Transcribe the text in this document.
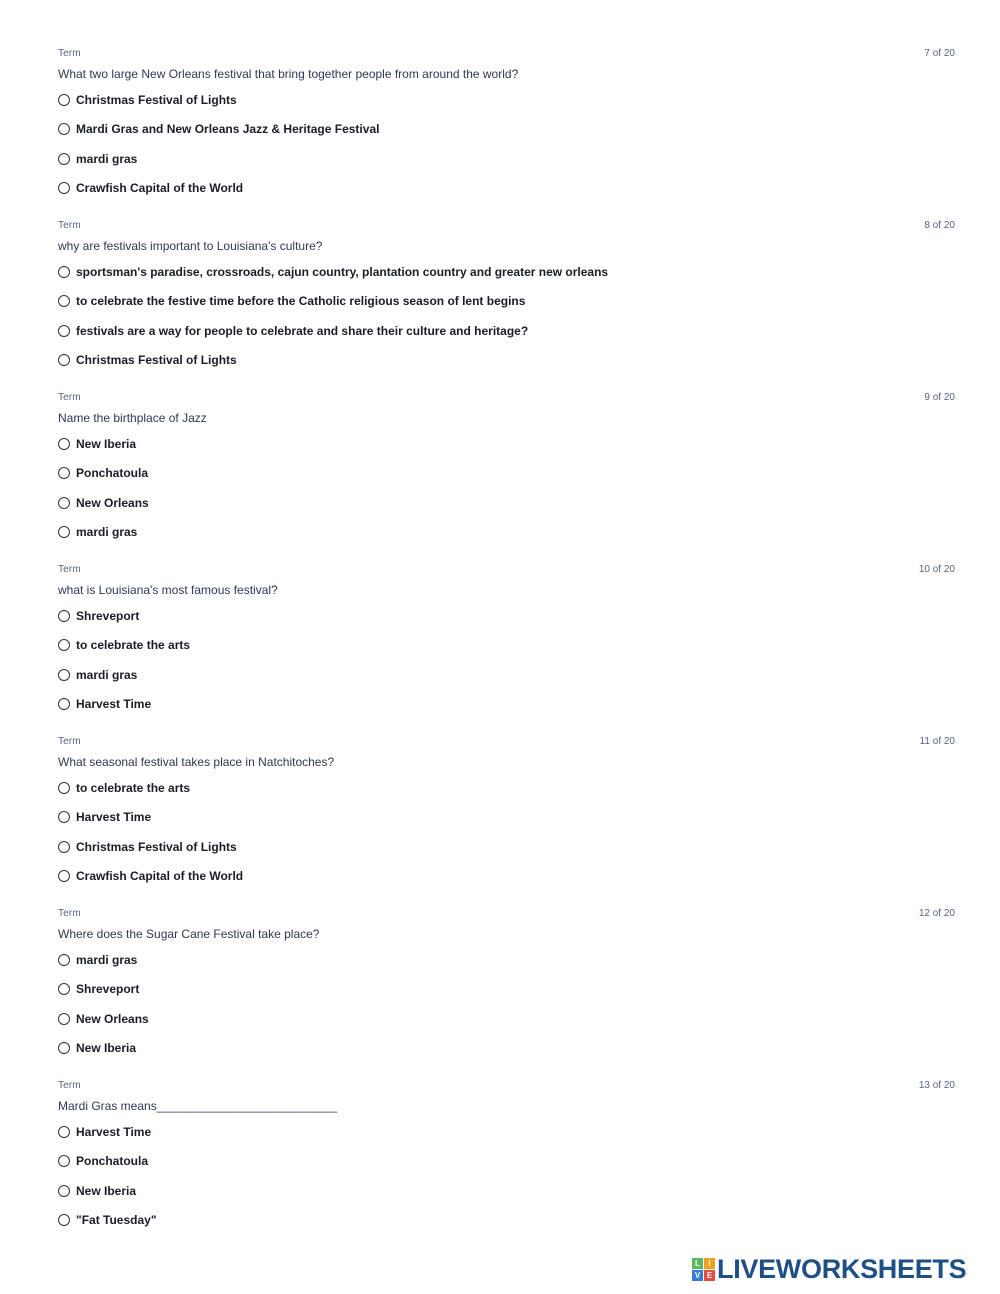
Term	7 of 20
What two large New Orleans festival that bring together people from around the world?
Christmas Festival of Lights
Mardi Gras and New Orleans Jazz & Heritage Festival
mardi gras
Crawfish Capital of the World
Term	8 of 20
why are festivals important to Louisiana's culture?
sportsman's paradise, crossroads, cajun country, plantation country and greater new orleans
to celebrate the festive time before the Catholic religious season of lent begins
festivals are a way for people to celebrate and share their culture and heritage?
Christmas Festival of Lights
Term	9 of 20
Name the birthplace of Jazz
New Iberia
Ponchatoula
New Orleans
mardi gras
Term	10 of 20
what is Louisiana's most famous festival?
Shreveport
to celebrate the arts
mardi gras
Harvest Time
Term	11 of 20
What seasonal festival takes place in Natchitoches?
to celebrate the arts
Harvest Time
Christmas Festival of Lights
Crawfish Capital of the World
Term	12 of 20
Where does the Sugar Cane Festival take place?
mardi gras
Shreveport
New Orleans
New Iberia
Term	13 of 20
Mardi Gras means___________________________
Harvest Time
Ponchatoula
New Iberia
"Fat Tuesday"
L	I
V E LIVEWORKSHEETS
